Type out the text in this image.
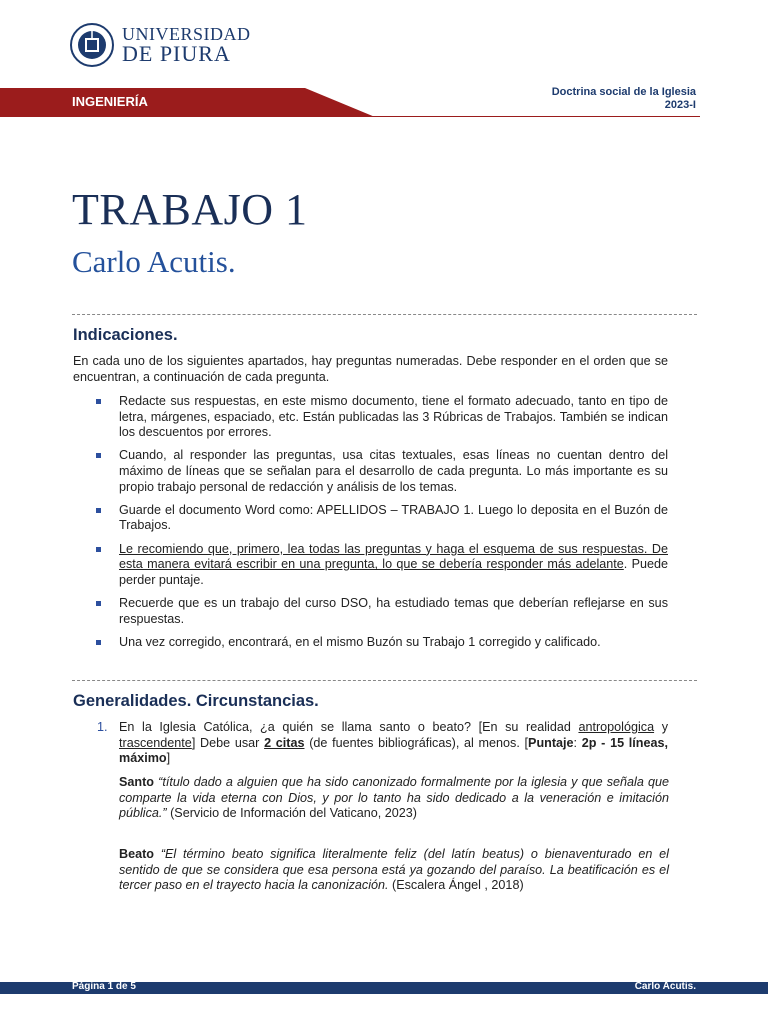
UNIVERSIDAD
DE PIURA
Doctrina social de la Iglesia
2023-I
INGENIERÍA
TRABAJO 1
Carlo Acutis.
Indicaciones.
En cada uno de los siguientes apartados, hay preguntas numeradas. Debe responder en el orden que se encuentran, a continuación de cada pregunta.
Redacte sus respuestas, en este mismo documento, tiene el formato adecuado, tanto en tipo de letra, márgenes, espaciado, etc. Están publicadas las 3 Rúbricas de Trabajos. También se indican los descuentos por errores.
Cuando, al responder las preguntas, usa citas textuales, esas líneas no cuentan dentro del máximo de líneas que se señalan para el desarrollo de cada pregunta. Lo más importante es su propio trabajo personal de redacción y análisis de los temas.
Guarde el documento Word como: APELLIDOS – TRABAJO 1. Luego lo deposita en el Buzón de Trabajos.
Le recomiendo que, primero, lea todas las preguntas y haga el esquema de sus respuestas. De esta manera evitará escribir en una pregunta, lo que se debería responder más adelante. Puede perder puntaje.
Recuerde que es un trabajo del curso DSO, ha estudiado temas que deberían reflejarse en sus respuestas.
Una vez corregido, encontrará, en el mismo Buzón su Trabajo 1 corregido y calificado.
Generalidades. Circunstancias.
1. En la Iglesia Católica, ¿a quién se llama santo o beato? [En su realidad antropológica y trascendente] Debe usar 2 citas (de fuentes bibliográficas), al menos. [Puntaje: 2p - 15 líneas, máximo]
Santo “título dado a alguien que ha sido canonizado formalmente por la iglesia y que señala que comparte la vida eterna con Dios, y por lo tanto ha sido dedicado a la veneración e imitación pública.” (Servicio de Información del Vaticano, 2023)
Beato “El término beato significa literalmente feliz (del latín beatus) o bienaventurado en el sentido de que se considera que esa persona está ya gozando del paraíso. La beatificación es el tercer paso en el trayecto hacia la canonización. (Escalera Ángel , 2018)
Página 1 de 5	Carlo Acutis.
